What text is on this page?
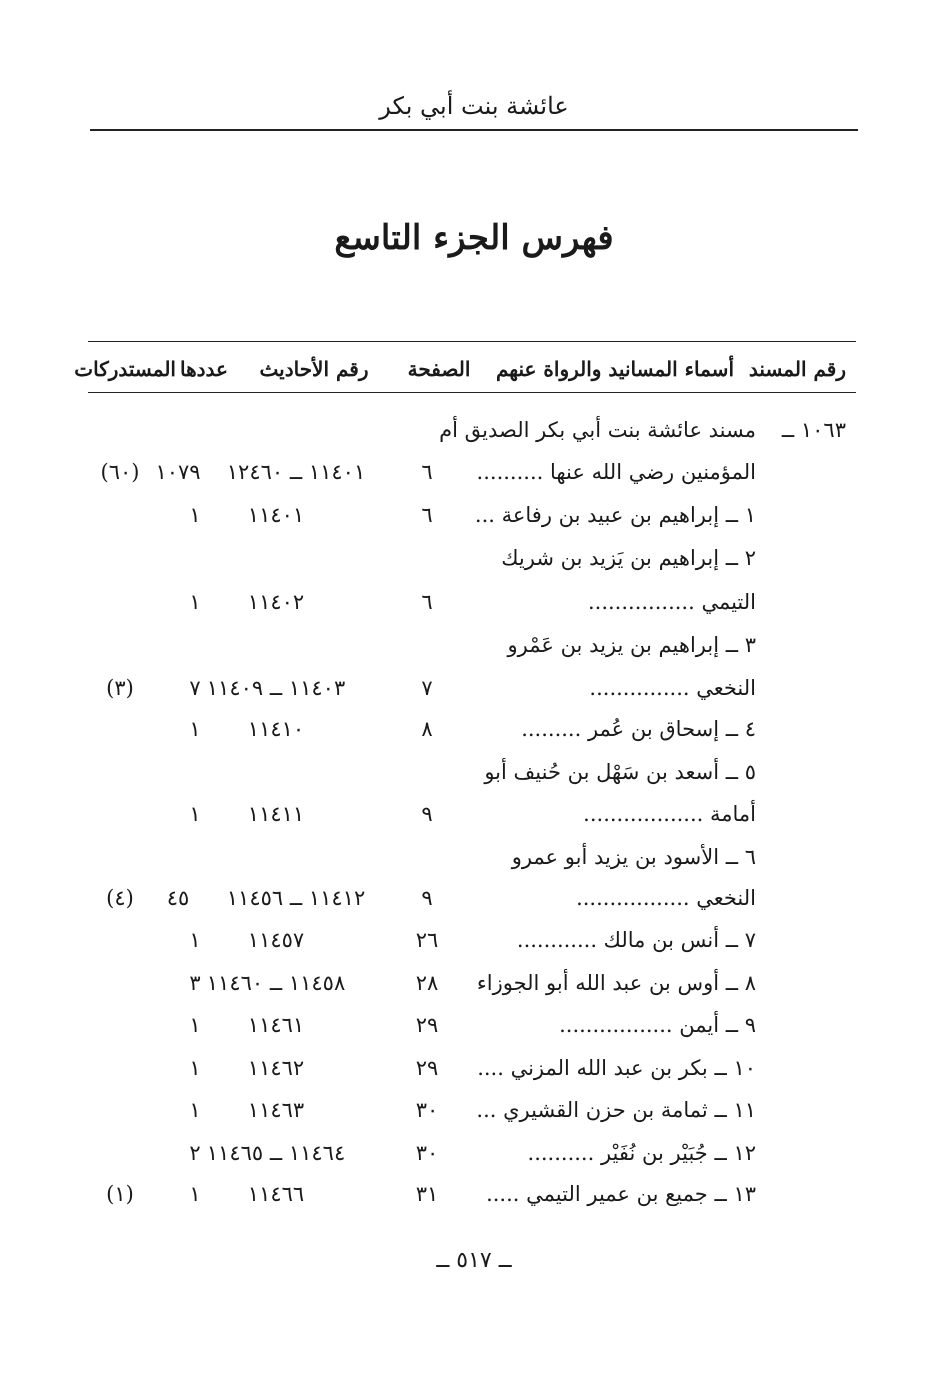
عائشة بنت أبي بكر
فهرس الجزء التاسع
رقم المسند
أسماء المسانيد والرواة عنهم
الصفحة
رقم الأحاديث
عددها
المستدركات
١٠٦٣ ــ
مسند عائشة بنت أبي بكر الصديق أم
المؤمنين رضي الله عنها ..........
٦
١١٤٠١ ــ ١٢٤٦٠
١٠٧٩
(٦٠)
١ ــ إبراهيم بن عبيد بن رفاعة ...
٦
١١٤٠١
١
٢ ــ إبراهيم بن يَزيد بن شريك
التيمي ................
٦
١١٤٠٢
١
٣ ــ إبراهيم بن يزيد بن عَمْرو
النخعي ...............
٧
١١٤٠٣ ــ ١١٤٠٩
٧
(٣)
٤ ــ إسحاق بن عُمر .........
٨
١١٤١٠
١
٥ ــ أسعد بن سَهْل بن حُنيف أبو
أمامة ..................
٩
١١٤١١
١
٦ ــ الأسود بن يزيد أبو عمرو
النخعي .................
٩
١١٤١٢ ــ ١١٤٥٦
٤٥
(٤)
٧ ــ أنس بن مالك ............
٢٦
١١٤٥٧
١
٨ ــ أوس بن عبد الله أبو الجوزاء
٢٨
١١٤٥٨ ــ ١١٤٦٠
٣
٩ ــ أيمن .................
٢٩
١١٤٦١
١
١٠ ــ بكر بن عبد الله المزني ....
٢٩
١١٤٦٢
١
١١ ــ ثمامة بن حزن القشيري ...
٣٠
١١٤٦٣
١
١٢ ــ جُبَيْر بن نُفَيْر ..........
٣٠
١١٤٦٤ ــ ١١٤٦٥
٢
١٣ ــ جميع بن عمير التيمي .....
٣١
١١٤٦٦
١
(١)
ــ ٥١٧ ــ
